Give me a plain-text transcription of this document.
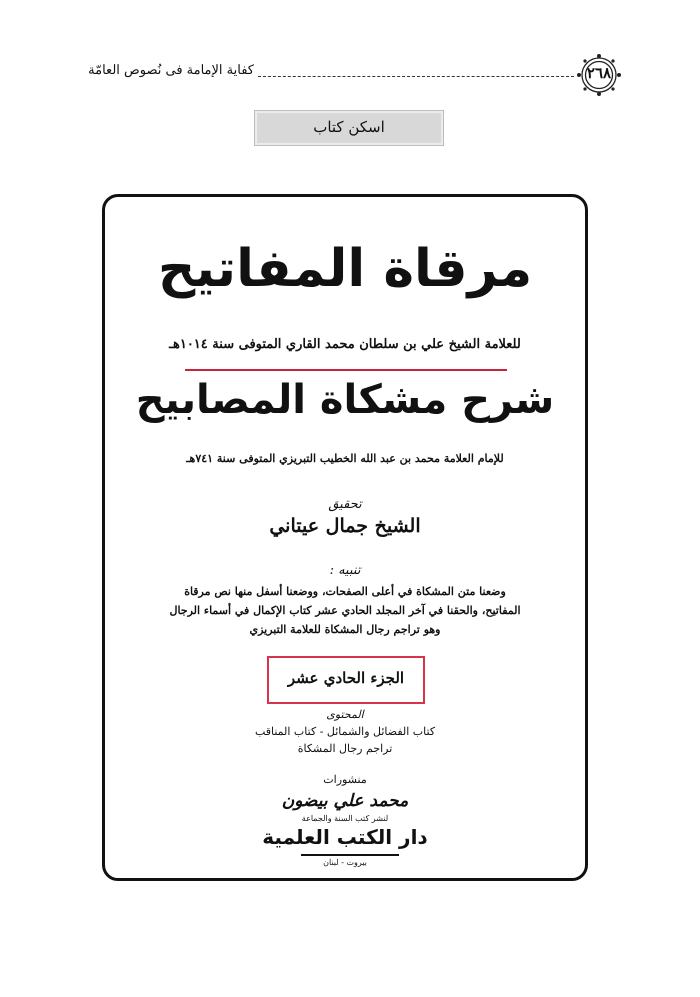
كفاية الإمامة فى نُصوص العامّة	٢٦٨
اسكن كتاب
مرقاة المفاتيح
للعلامة الشيخ علي بن سلطان محمد القاري المتوفى سنة ١٠١٤هـ
شرح مشكاة المصابيح
للإمام العلامة محمد بن عبد الله الخطيب التبريزي المتوفى سنة ٧٤١هـ
تحقيق
الشيخ جمال عيتاني
تنبيه :
وضعنا متن المشكاة في أعلى الصفحات، ووضعنا أسفل منها نص مرقاة
المفاتيح، والحقنا في آخر المجلد الحادي عشر كتاب الإكمال في أسماء الرجال
وهو تراجم رجال المشكاة للعلامة التبريزي
الجزء الحادي عشر
المحتوى
كتاب الفضائل والشمائل - كتاب المناقب
تراجم رجال المشكاة
منشورات
محمد علي بيضون
لنشر كتب السنة والجماعة
دار الكتب العلمية
بيروت - لبنان
